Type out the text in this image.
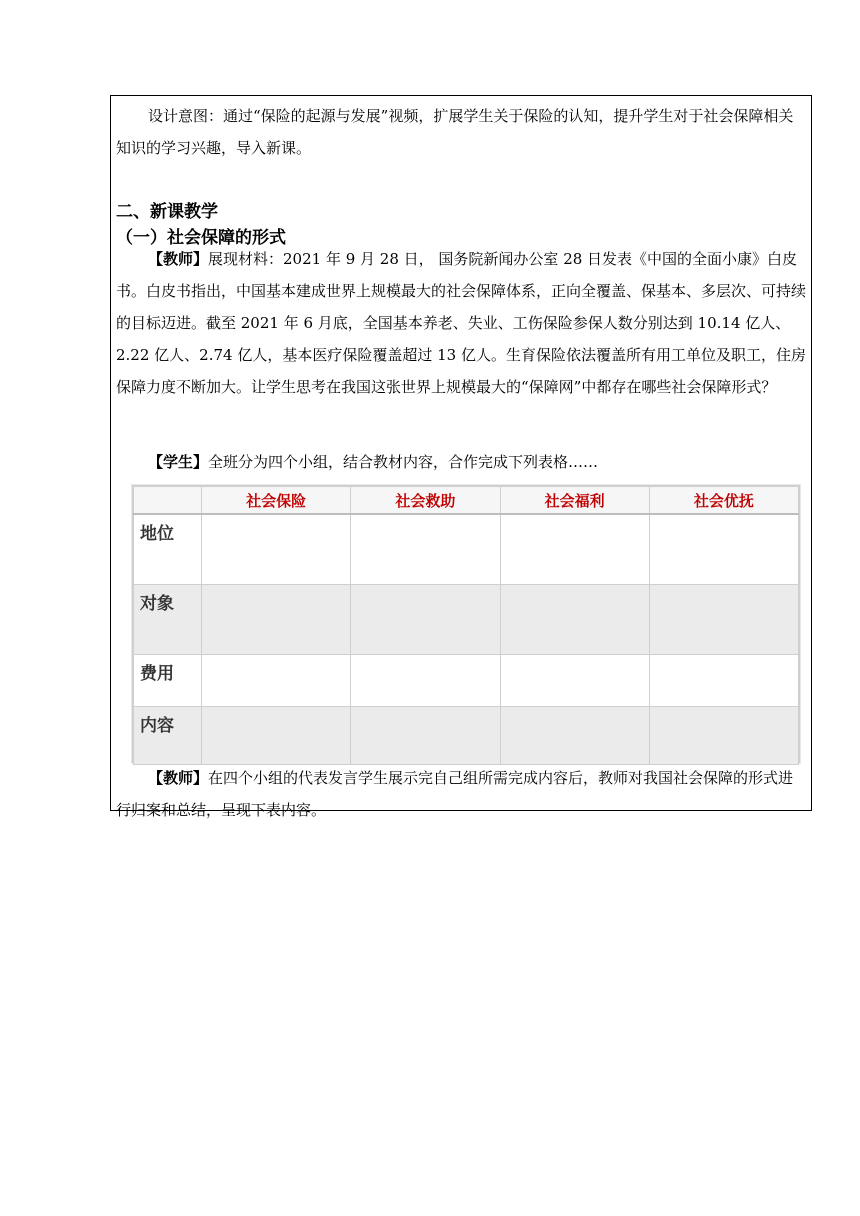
设计意图：通过“保险的起源与发展”视频，扩展学生关于保险的认知，提升学生对于社会保障相关知识的学习兴趣，导入新课。

二、新课教学
（一）社会保障的形式

【教师】展现材料：2021 年 9 月 28 日， 国务院新闻办公室 28 日发表《中国的全面小康》白皮书。白皮书指出，中国基本建成世界上规模最大的社会保障体系，正向全覆盖、保基本、多层次、可持续的目标迈进。截至 2021 年 6 月底，全国基本养老、失业、工伤保险参保人数分别达到 10.14 亿人、2.22 亿人、2.74 亿人，基本医疗保险覆盖超过 13 亿人。生育保险依法覆盖所有用工单位及职工，住房保障力度不断加大。让学生思考在我国这张世界上规模最大的“保障网”中都存在哪些社会保障形式？

【学生】全班分为四个小组，结合教材内容，合作完成下列表格……

	社会保险	社会救助	社会福利	社会优抚
地位				
对象				
费用				
内容				

【教师】在四个小组的代表发言学生展示完自己组所需完成内容后，教师对我国社会保障的形式进行归案和总结，呈现下表内容。
